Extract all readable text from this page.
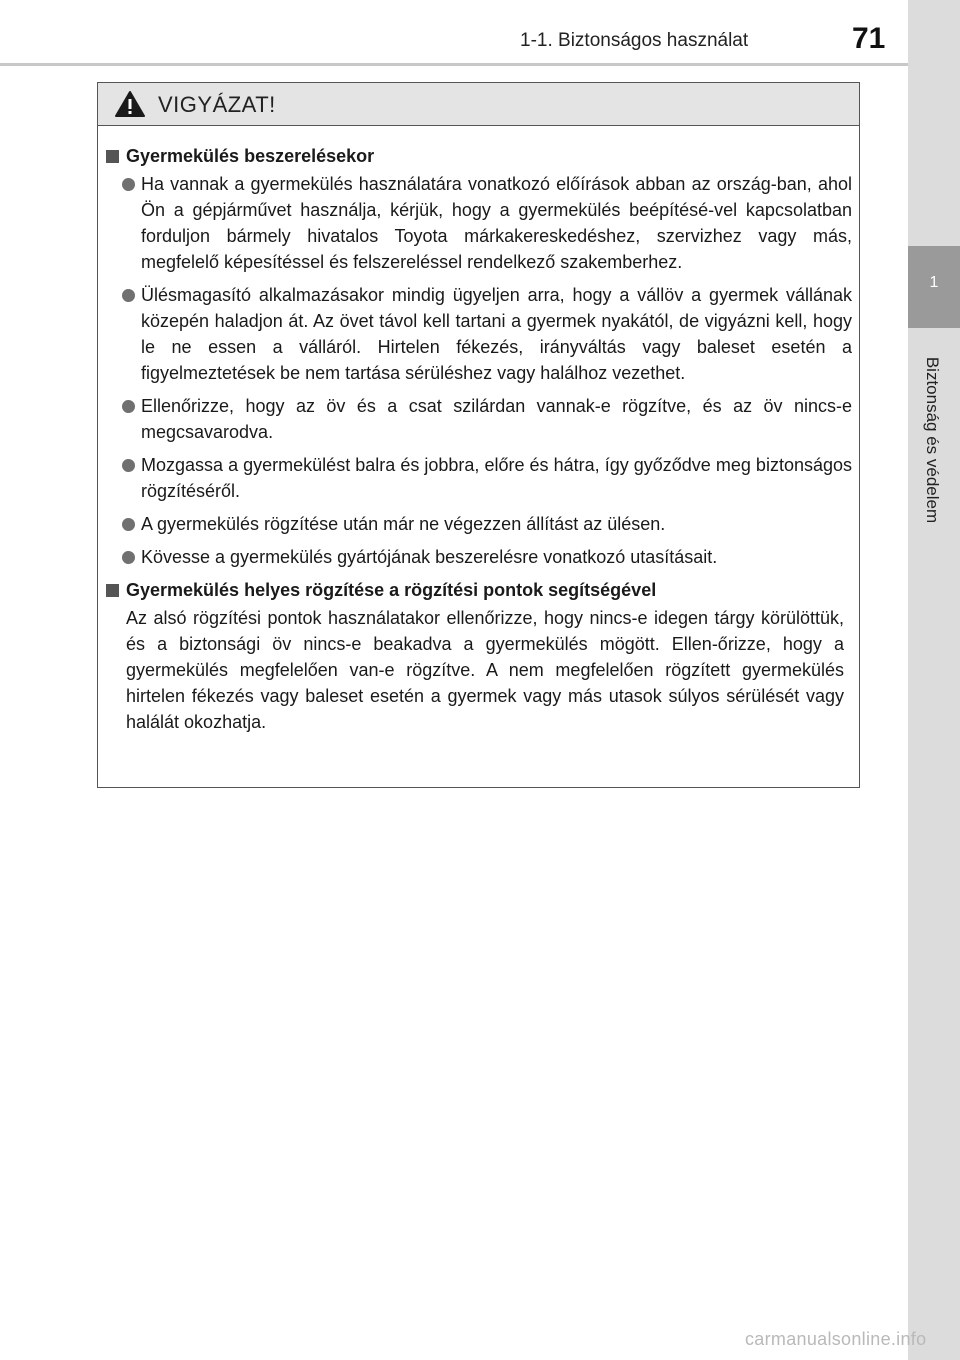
1-1. Biztonságos használat	71
1
Biztonság és védelem
VIGYÁZAT!
Gyermekülés beszerelésekor
Ha vannak a gyermekülés használatára vonatkozó előírások abban az ország-ban, ahol Ön a gépjárművet használja, kérjük, hogy a gyermekülés beépítésé-vel kapcsolatban forduljon bármely hivatalos Toyota márkakereskedéshez, szervizhez vagy más, megfelelő képesítéssel és felszereléssel rendelkező szakemberhez.
Ülésmagasító alkalmazásakor mindig ügyeljen arra, hogy a vállöv a gyermek vállának közepén haladjon át. Az övet távol kell tartani a gyermek nyakától, de vigyázni kell, hogy le ne essen a válláról. Hirtelen fékezés, irányváltás vagy baleset esetén a figyelmeztetések be nem tartása sérüléshez vagy halálhoz vezethet.
Ellenőrizze, hogy az öv és a csat szilárdan vannak-e rögzítve, és az öv nincs-e megcsavarodva.
Mozgassa a gyermekülést balra és jobbra, előre és hátra, így győződve meg biztonságos rögzítéséről.
A gyermekülés rögzítése után már ne végezzen állítást az ülésen.
Kövesse a gyermekülés gyártójának beszerelésre vonatkozó utasításait.
Gyermekülés helyes rögzítése a rögzítési pontok segítségével
Az alsó rögzítési pontok használatakor ellenőrizze, hogy nincs-e idegen tárgy körülöttük, és a biztonsági öv nincs-e beakadva a gyermekülés mögött. Ellen-őrizze, hogy a gyermekülés megfelelően van-e rögzítve. A nem megfelelően rögzített gyermekülés hirtelen fékezés vagy baleset esetén a gyermek vagy más utasok súlyos sérülését vagy halálát okozhatja.
carmanualsonline.info
